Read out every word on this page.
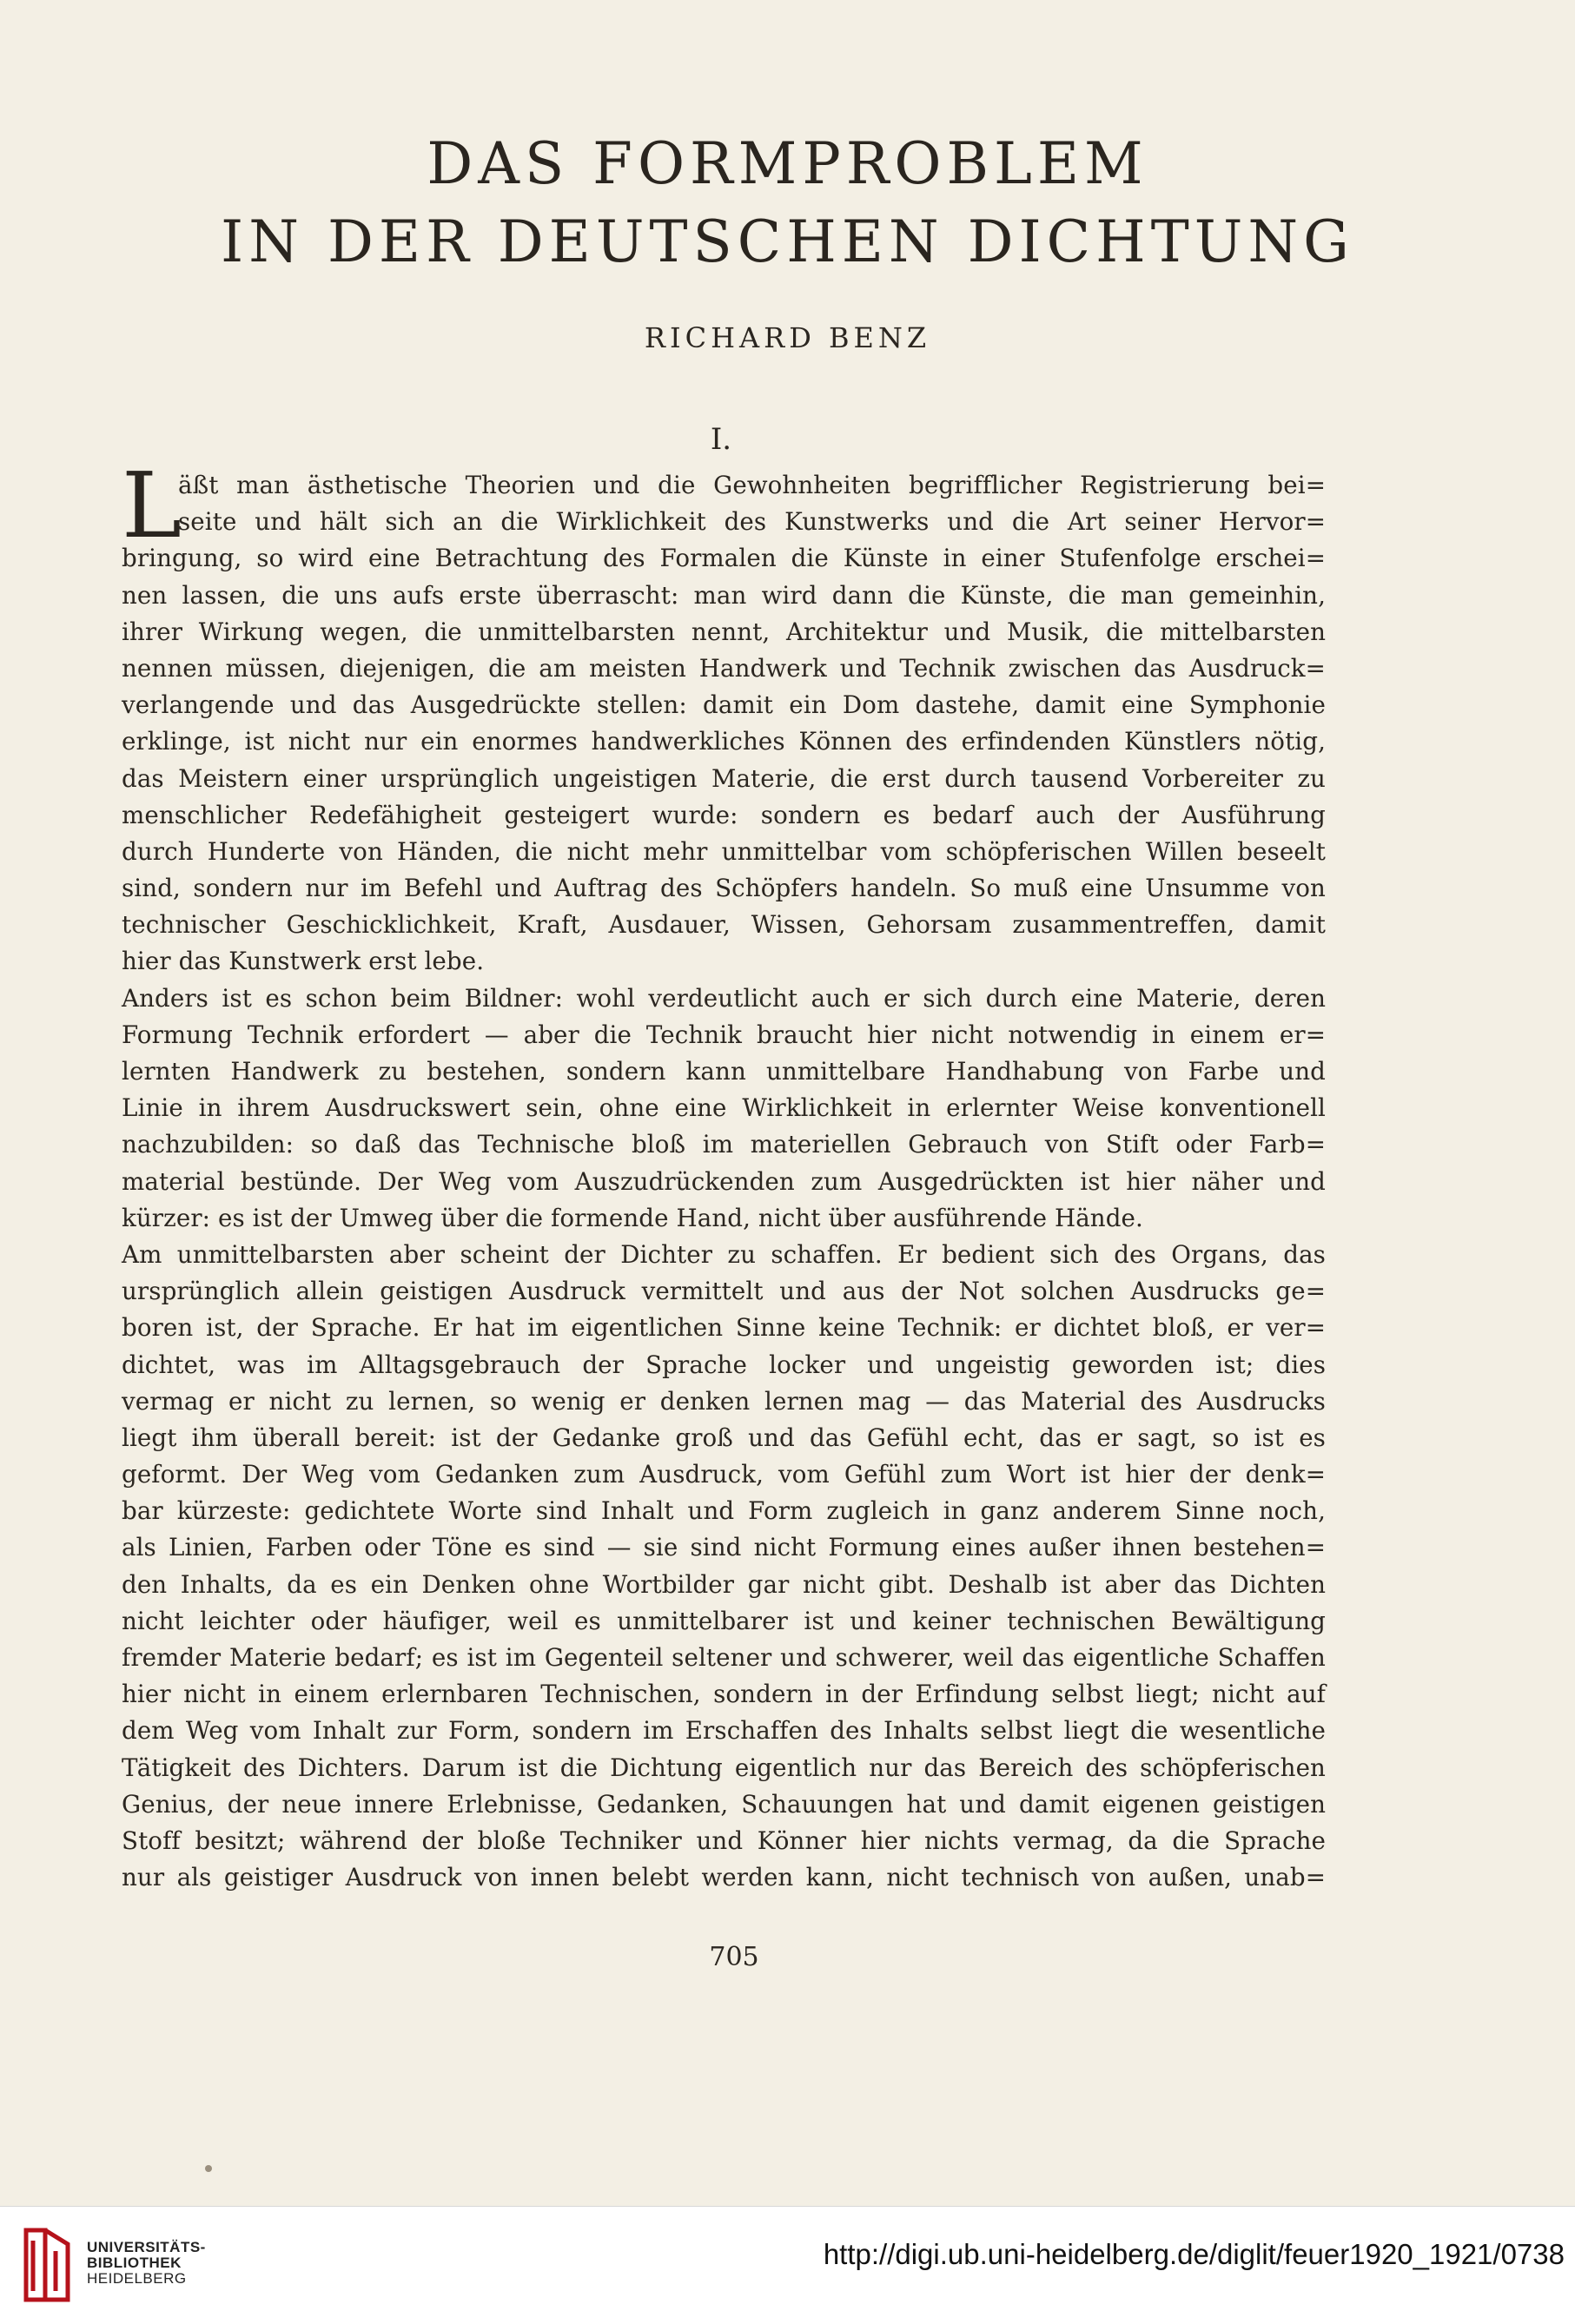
DAS FORMPROBLEM
IN DER DEUTSCHEN DICHTUNG

RICHARD BENZ

I.

L
äßt man ästhetische Theorien und die Gewohnheiten begrifflicher Registrierung bei=
seite und hält sich an die Wirklichkeit des Kunstwerks und die Art seiner Hervor=
bringung, so wird eine Betrachtung des Formalen die Künste in einer Stufenfolge erschei=
nen lassen, die uns aufs erste überrascht: man wird dann die Künste, die man gemeinhin,
ihrer Wirkung wegen, die unmittelbarsten nennt, Architektur und Musik, die mittelbarsten
nennen müssen, diejenigen, die am meisten Handwerk und Technik zwischen das Ausdruck=
verlangende und das Ausgedrückte stellen: damit ein Dom dastehe, damit eine Symphonie
erklinge, ist nicht nur ein enormes handwerkliches Können des erfindenden Künstlers nötig,
das Meistern einer ursprünglich ungeistigen Materie, die erst durch tausend Vorbereiter zu
menschlicher Redefähigheit gesteigert wurde: sondern es bedarf auch der Ausführung
durch Hunderte von Händen, die nicht mehr unmittelbar vom schöpferischen Willen beseelt
sind, sondern nur im Befehl und Auftrag des Schöpfers handeln. So muß eine Unsumme von
technischer Geschicklichkeit, Kraft, Ausdauer, Wissen, Gehorsam zusammentreffen, damit
hier das Kunstwerk erst lebe.
Anders ist es schon beim Bildner: wohl verdeutlicht auch er sich durch eine Materie, deren
Formung Technik erfordert — aber die Technik braucht hier nicht notwendig in einem er=
lernten Handwerk zu bestehen, sondern kann unmittelbare Handhabung von Farbe und
Linie in ihrem Ausdruckswert sein, ohne eine Wirklichkeit in erlernter Weise konventionell
nachzubilden: so daß das Technische bloß im materiellen Gebrauch von Stift oder Farb=
material bestünde. Der Weg vom Auszudrückenden zum Ausgedrückten ist hier näher und
kürzer: es ist der Umweg über die formende Hand, nicht über ausführende Hände.
Am unmittelbarsten aber scheint der Dichter zu schaffen. Er bedient sich des Organs, das
ursprünglich allein geistigen Ausdruck vermittelt und aus der Not solchen Ausdrucks ge=
boren ist, der Sprache. Er hat im eigentlichen Sinne keine Technik: er dichtet bloß, er ver=
dichtet, was im Alltagsgebrauch der Sprache locker und ungeistig geworden ist; dies
vermag er nicht zu lernen, so wenig er denken lernen mag — das Material des Ausdrucks
liegt ihm überall bereit: ist der Gedanke groß und das Gefühl echt, das er sagt, so ist es
geformt. Der Weg vom Gedanken zum Ausdruck, vom Gefühl zum Wort ist hier der denk=
bar kürzeste: gedichtete Worte sind Inhalt und Form zugleich in ganz anderem Sinne noch,
als Linien, Farben oder Töne es sind — sie sind nicht Formung eines außer ihnen bestehen=
den Inhalts, da es ein Denken ohne Wortbilder gar nicht gibt. Deshalb ist aber das Dichten
nicht leichter oder häufiger, weil es unmittelbarer ist und keiner technischen Bewältigung
fremder Materie bedarf; es ist im Gegenteil seltener und schwerer, weil das eigentliche Schaffen
hier nicht in einem erlernbaren Technischen, sondern in der Erfindung selbst liegt; nicht auf
dem Weg vom Inhalt zur Form, sondern im Erschaffen des Inhalts selbst liegt die wesentliche
Tätigkeit des Dichters. Darum ist die Dichtung eigentlich nur das Bereich des schöpferischen
Genius, der neue innere Erlebnisse, Gedanken, Schauungen hat und damit eigenen geistigen
Stoff besitzt; während der bloße Techniker und Könner hier nichts vermag, da die Sprache
nur als geistiger Ausdruck von innen belebt werden kann, nicht technisch von außen, unab=

705

UNIVERSITÄTS-
BIBLIOTHEK
HEIDELBERG
http://digi.ub.uni-heidelberg.de/diglit/feuer1920_1921/0738
